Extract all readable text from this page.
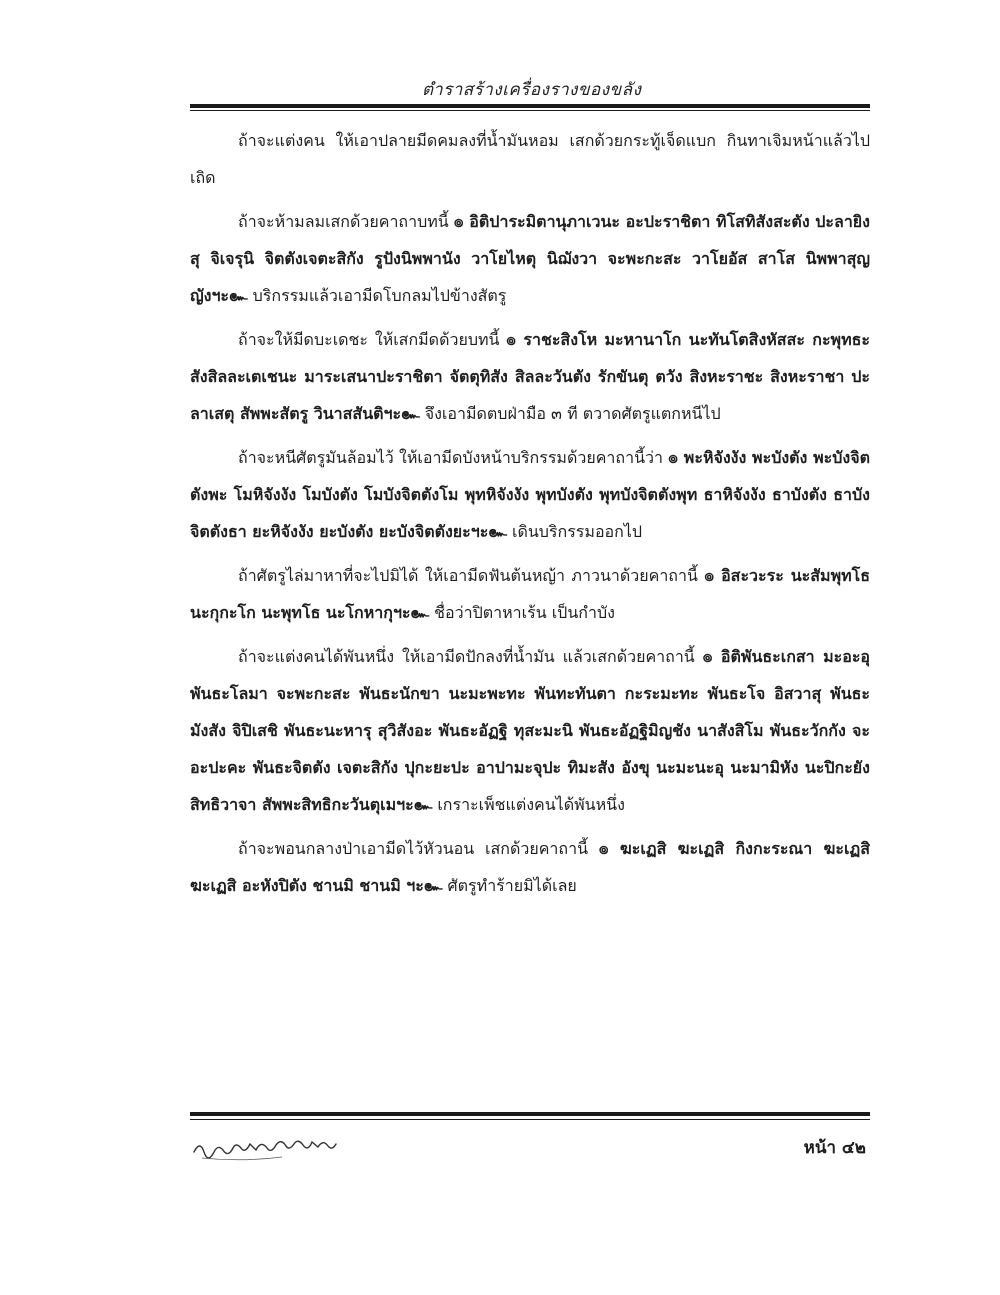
ตำราสร้างเครื่องรางของขลัง

ถ้าจะแต่งคน ให้เอาปลายมีดคมลงที่น้ำมันหอม เสกด้วยกระทู้เจ็ดแบก กินทาเจิมหน้าแล้วไปเถิด

ถ้าจะห้ามลมเสกด้วยคาถาบทนี้ ๏ อิติปาระมิตานุภาเวนะ อะปะราชิตา ทิโสทิสังสะตัง ปะลายิงสุ จิเจรุนิ จิตตังเจตะสิกัง รูปังนิพพานัง วาโยไหตุ นิฌังวา จะพะกะสะ วาโยอัส สาโส นิพพาสุญญังฯะ๛ บริกรรมแล้วเอามีดโบกลมไปข้างสัตรู

ถ้าจะให้มีดบะเดชะ ให้เสกมีดด้วยบทนี้ ๏ ราชะสิงโห มะหานาโก นะทันโตสิงหัสสะ กะพุทธะสังสิลละเตเชนะ มาระเสนาปะราชิตา จัตตุทิสัง สิลละวันตัง รักขันตุ ตวัง สิงหะราชะ สิงหะราชา ปะลาเสตุ สัพพะสัตรู วินาสสันติฯะ๛ จึงเอามีดตบฝ่ามือ ๓ ที ตวาดศัตรูแตกหนีไป

ถ้าจะหนีศัตรูมันล้อมไว้ ให้เอามีดบังหน้าบริกรรมด้วยคาถานี้ว่า ๏ พะหิจังงัง พะบังตัง พะบังจิตตังพะ โมหิจังงัง โมบังตัง โมบังจิตตังโม พุทหิจังงัง พุทบังตัง พุทบังจิตตังพุท ธาหิจังงัง ธาบังตัง ธาบังจิตตังธา ยะหิจังงัง ยะบังตัง ยะบังจิตตังยะฯะ๛ เดินบริกรรมออกไป

ถ้าศัตรูไล่มาหาที่จะไปมิได้ ให้เอามีดฟันต้นหญ้า ภาวนาด้วยคาถานี้ ๏ อิสะวะระ นะสัมพุทโธ นะกุกะโก นะพุทโธ นะโกหากุฯะ๛ ชื่อว่าปิตาหาเร้น เป็นกำบัง

ถ้าจะแต่งคนได้พันหนึ่ง ให้เอามีดปักลงที่น้ำมัน แล้วเสกด้วยคาถานี้ ๏ อิติพันธะเกสา มะอะอุ พันธะโลมา จะพะกะสะ พันธะนักขา นะมะพะทะ พันทะทันตา กะระมะทะ พันธะโจ อิสวาสุ พันธะมังสัง จิปิเสชิ พันธะนะหารุ สุวิสังอะ พันธะอัฏฐิ ทุสะมะนิ พันธะอัฏฐิมิญชัง นาสังสิโม พันธะวักกัง จะอะปะคะ พันธะจิตตัง เจตะสิกัง ปุกะยะปะ อาปามะจุปะ ทิมะสัง อังขุ นะมะนะอุ นะมามิหัง นะปิกะยัง สิทธิวาจา สัพพะสิทธิกะวันตุเมฯะ๛ เกราะเพ็ชแต่งคนได้พันหนึ่ง

ถ้าจะพอนกลางป่าเอามีดไว้หัวนอน เสกด้วยคาถานี้ ๏ ฆะเฏสิ ฆะเฏสิ กิงกะระณา ฆะเฏสิ ฆะเฏสิ อะหังปิตัง ชานมิ ชานมิ ฯะ๛ ศัตรูทำร้ายมิได้เลย

หน้า ๔๒
